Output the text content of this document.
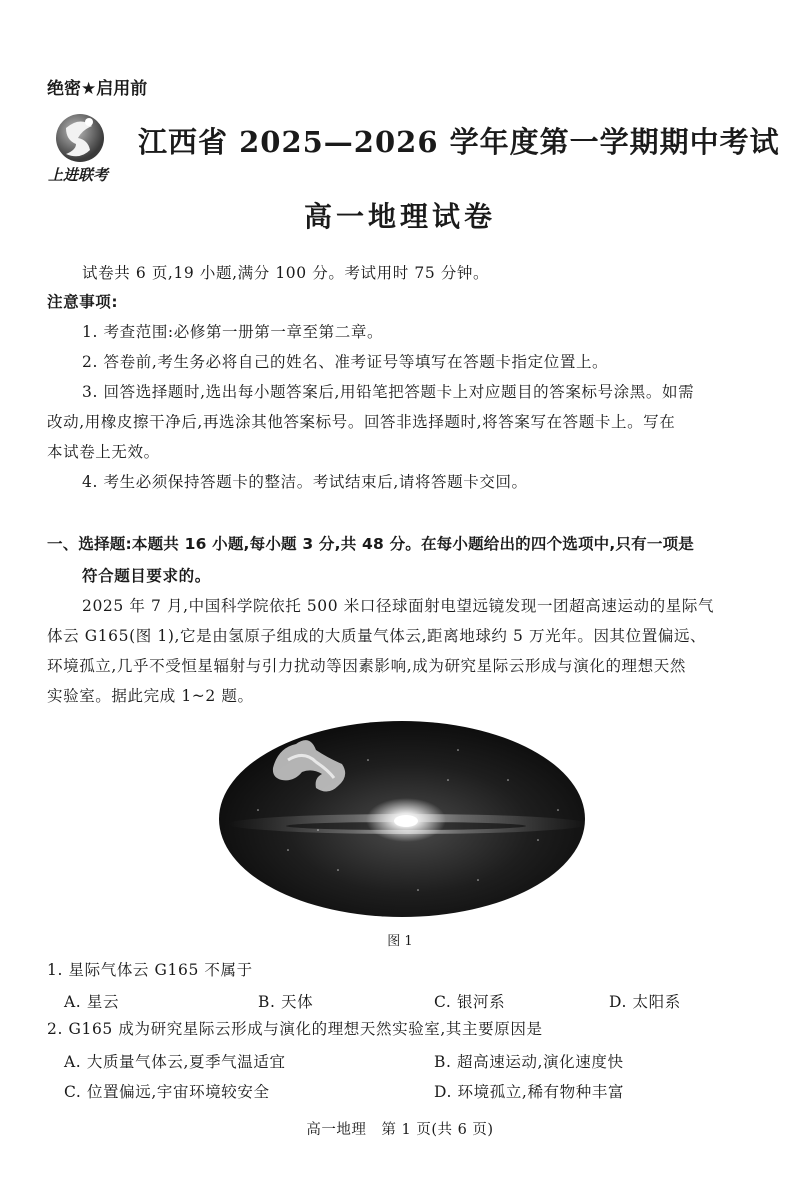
绝密★启用前
上进联考
江西省 2025—2026 学年度第一学期期中考试
高一地理试卷
试卷共 6 页,19 小题,满分 100 分。考试用时 75 分钟。
注意事项:
1. 考查范围:必修第一册第一章至第二章。
2. 答卷前,考生务必将自己的姓名、准考证号等填写在答题卡指定位置上。
3. 回答选择题时,选出每小题答案后,用铅笔把答题卡上对应题目的答案标号涂黑。如需
改动,用橡皮擦干净后,再选涂其他答案标号。回答非选择题时,将答案写在答题卡上。写在
本试卷上无效。
4. 考生必须保持答题卡的整洁。考试结束后,请将答题卡交回。
一、选择题:本题共 16 小题,每小题 3 分,共 48 分。在每小题给出的四个选项中,只有一项是
符合题目要求的。
2025 年 7 月,中国科学院依托 500 米口径球面射电望远镜发现一团超高速运动的星际气
体云 G165(图 1),它是由氢原子组成的大质量气体云,距离地球约 5 万光年。因其位置偏远、
环境孤立,几乎不受恒星辐射与引力扰动等因素影响,成为研究星际云形成与演化的理想天然
实验室。据此完成 1~2 题。
图 1
1. 星际气体云 G165 不属于
A. 星云	B. 天体	C. 银河系	D. 太阳系
2. G165 成为研究星际云形成与演化的理想天然实验室,其主要原因是
A. 大质量气体云,夏季气温适宜	B. 超高速运动,演化速度快
C. 位置偏远,宇宙环境较安全	D. 环境孤立,稀有物种丰富
高一地理　第 1 页(共 6 页)
